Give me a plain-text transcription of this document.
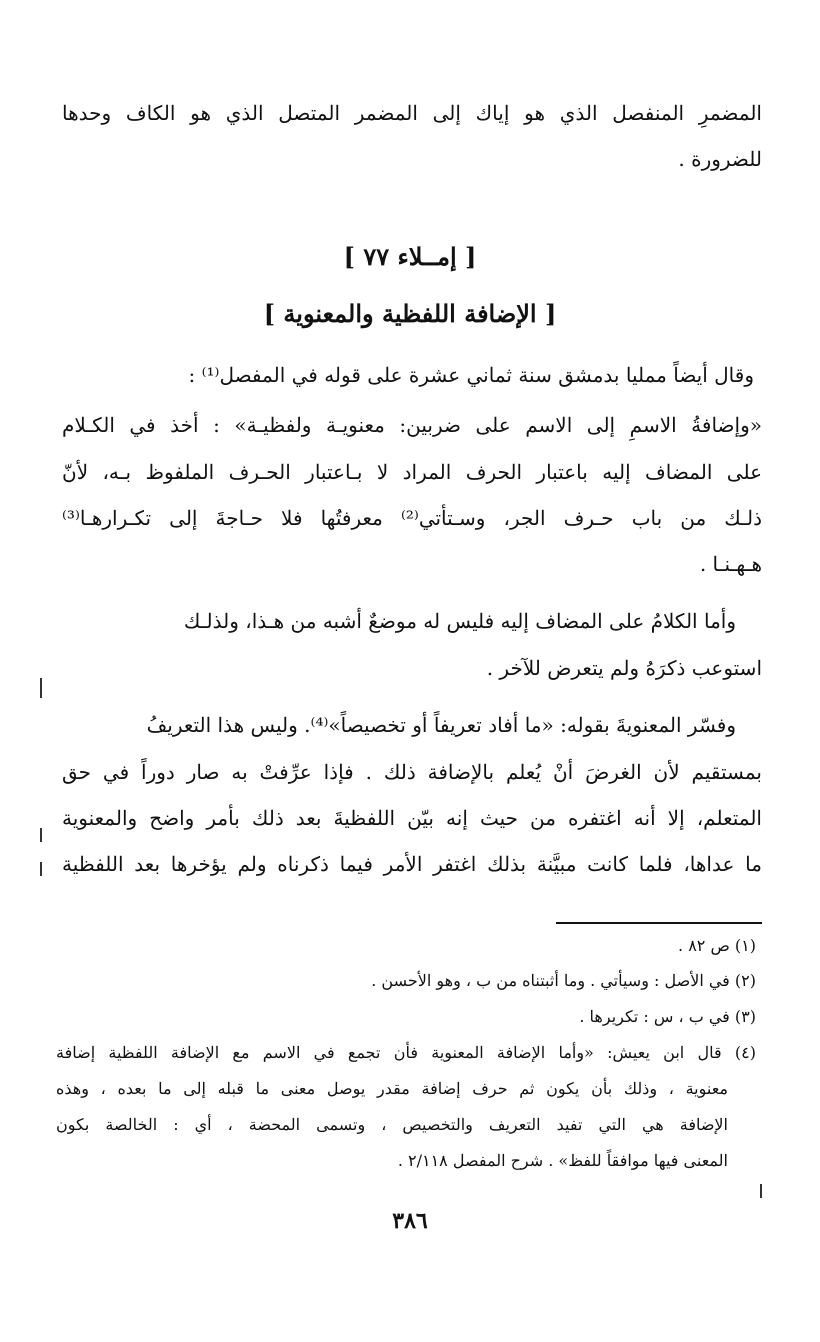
المضمرِ المنفصل الذي هو إياك إلى المضمر المتصل الذي هو الكاف وحدها
للضرورة .
[ إمــلاء ٧٧ ]
[ الإضافة اللفظية والمعنوية ]
وقال أيضاً ممليا بدمشق سنة ثماني عشرة على قوله في المفصل⁽¹⁾ :
«وإضافةُ الاسمِ إلى الاسم على ضربين: معنويـة ولفظيـة» : أخذ في الكـلام
على المضاف إليه باعتبار الحرف المراد لا بـاعتبار الحـرف الملفوظ بـه، لأنّ
ذلـك من باب حـرف الجر، وسـتأتي⁽²⁾ معرفتُها فلا حـاجةَ إلى تكـرارهـا⁽³⁾
هـهـنـا .
وأما الكلامُ على المضاف إليه فليس له موضعٌ أشبه من هـذا، ولذلـك
استوعب ذكرَهُ ولم يتعرض للآخر .
وفسّر المعنويةَ بقوله: «ما أفاد تعريفاً أو تخصيصاً»⁽⁴⁾. وليس هذا التعريفُ
بمستقيم لأن الغرضَ أنْ يُعلم بالإضافة ذلك . فإذا عرِّفتْ به صار دوراً في حق
المتعلم، إلا أنه اغتفره من حيث إنه بيّن اللفظيةَ بعد ذلك بأمر واضح والمعنوية
ما عداها، فلما كانت مبيَّنة بذلك اغتفر الأمر فيما ذكرناه ولم يؤخرها بعد اللفظية
(١) ص ٨٢ .
(٢) في الأصل : وسيأتي . وما أثبتناه من ب ، وهو الأحسن .
(٣) في ب ، س : تكريرها .
(٤) قال ابن يعيش: «وأما الإضافة المعنوية فأن تجمع في الاسم مع الإضافة اللفظية إضافة
معنوية ، وذلك بأن يكون ثم حرف إضافة مقدر يوصل معنى ما قبله إلى ما بعده ، وهذه
الإضافة هي التي تفيد التعريف والتخصيص ، وتسمى المحضة ، أي : الخالصة بكون
المعنى فيها موافقاً للفظ» . شرح المفصل ٢/١١٨ .
٣٨٦
